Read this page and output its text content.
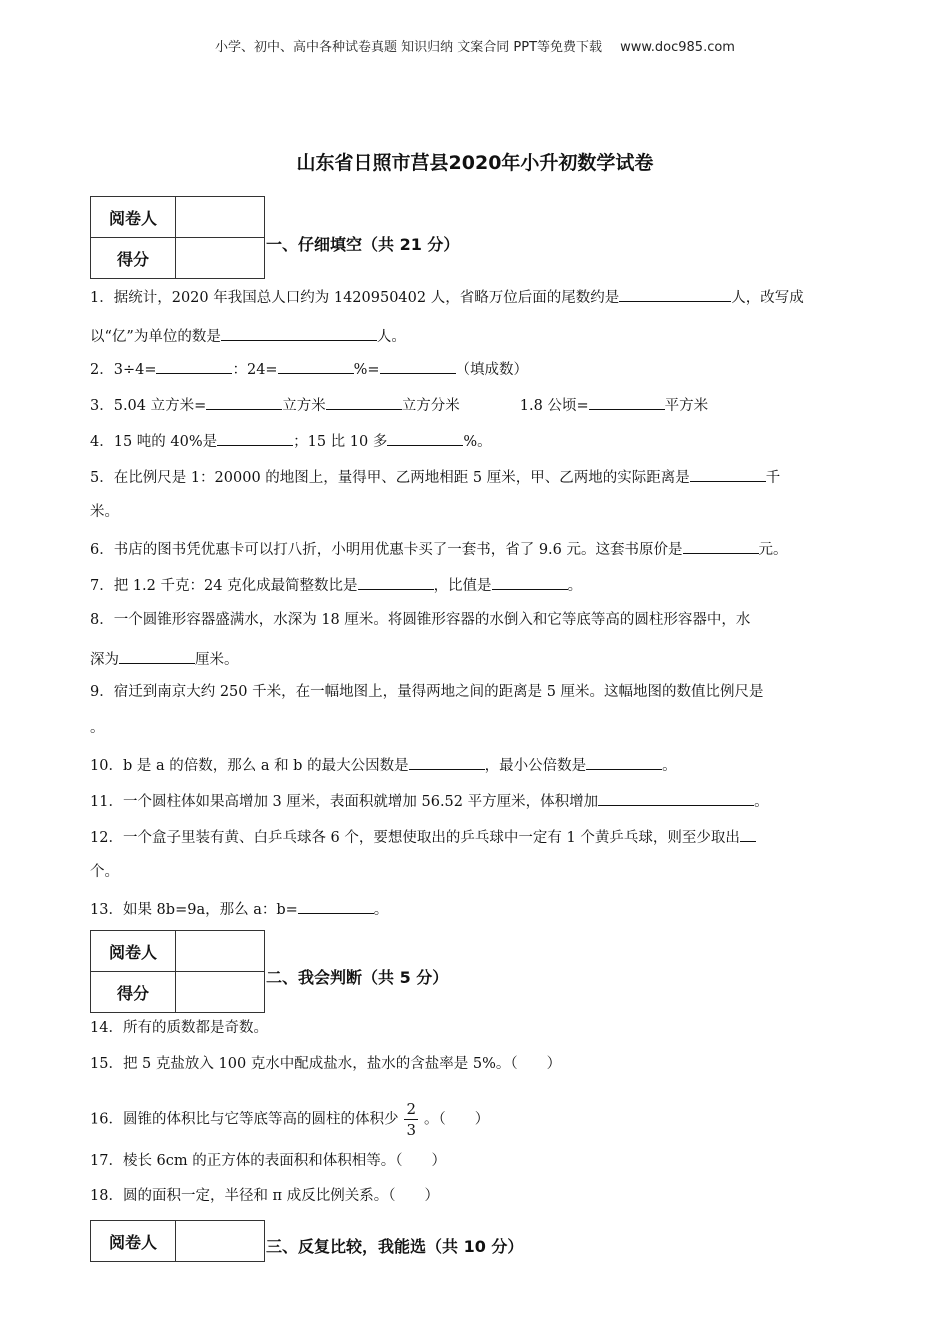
小学、初中、高中各种试卷真题 知识归纳 文案合同 PPT等免费下载 www.doc985.com
山东省日照市莒县2020年小升初数学试卷
阅卷人	
得分	
一、仔细填空（共 21 分）
1．据统计，2020 年我国总人口约为 1420950402 人，省略万位后面的尾数约是	人，改写成
以“亿”为单位的数是	人。
2．3÷4=	：24=	%=	（填成数）
3．5.04 立方米=	立方米	立方分米	1.8 公顷=	平方米
4．15 吨的 40%是	；15 比 10 多	%。
5．在比例尺是 1：20000 的地图上，量得甲、乙两地相距 5 厘米，甲、乙两地的实际距离是	千
米。
6．书店的图书凭优惠卡可以打八折，小明用优惠卡买了一套书，省了 9.6 元。这套书原价是	元。
7．把 1.2 千克：24 克化成最简整数比是	，比值是	。
8．一个圆锥形容器盛满水，水深为 18 厘米。将圆锥形容器的水倒入和它等底等高的圆柱形容器中，水
深为	厘米。
9．宿迁到南京大约 250 千米，在一幅地图上，量得两地之间的距离是 5 厘米。这幅地图的数值比例尺是
。
10．b 是 a 的倍数，那么 a 和 b 的最大公因数是	，最小公倍数是	。
11．一个圆柱体如果高增加 3 厘米，表面积就增加 56.52 平方厘米，体积增加	。
12．一个盒子里装有黄、白乒乓球各 6 个，要想使取出的乒乓球中一定有 1 个黄乒乓球，则至少取出
个。
13．如果 8b=9a，那么 a：b=	。
阅卷人	
得分	
二、我会判断（共 5 分）
14．所有的质数都是奇数。
15．把 5 克盐放入 100 克水中配成盐水，盐水的含盐率是 5%。（　　）
16．圆锥的体积比与它等底等高的圆柱的体积少 $\frac{2}{3}$ 。（　　）
17．棱长 6cm 的正方体的表面积和体积相等。（　　）
18．圆的面积一定，半径和 π 成反比例关系。（　　）
阅卷人		三、反复比较，我能选（共 10 分）
